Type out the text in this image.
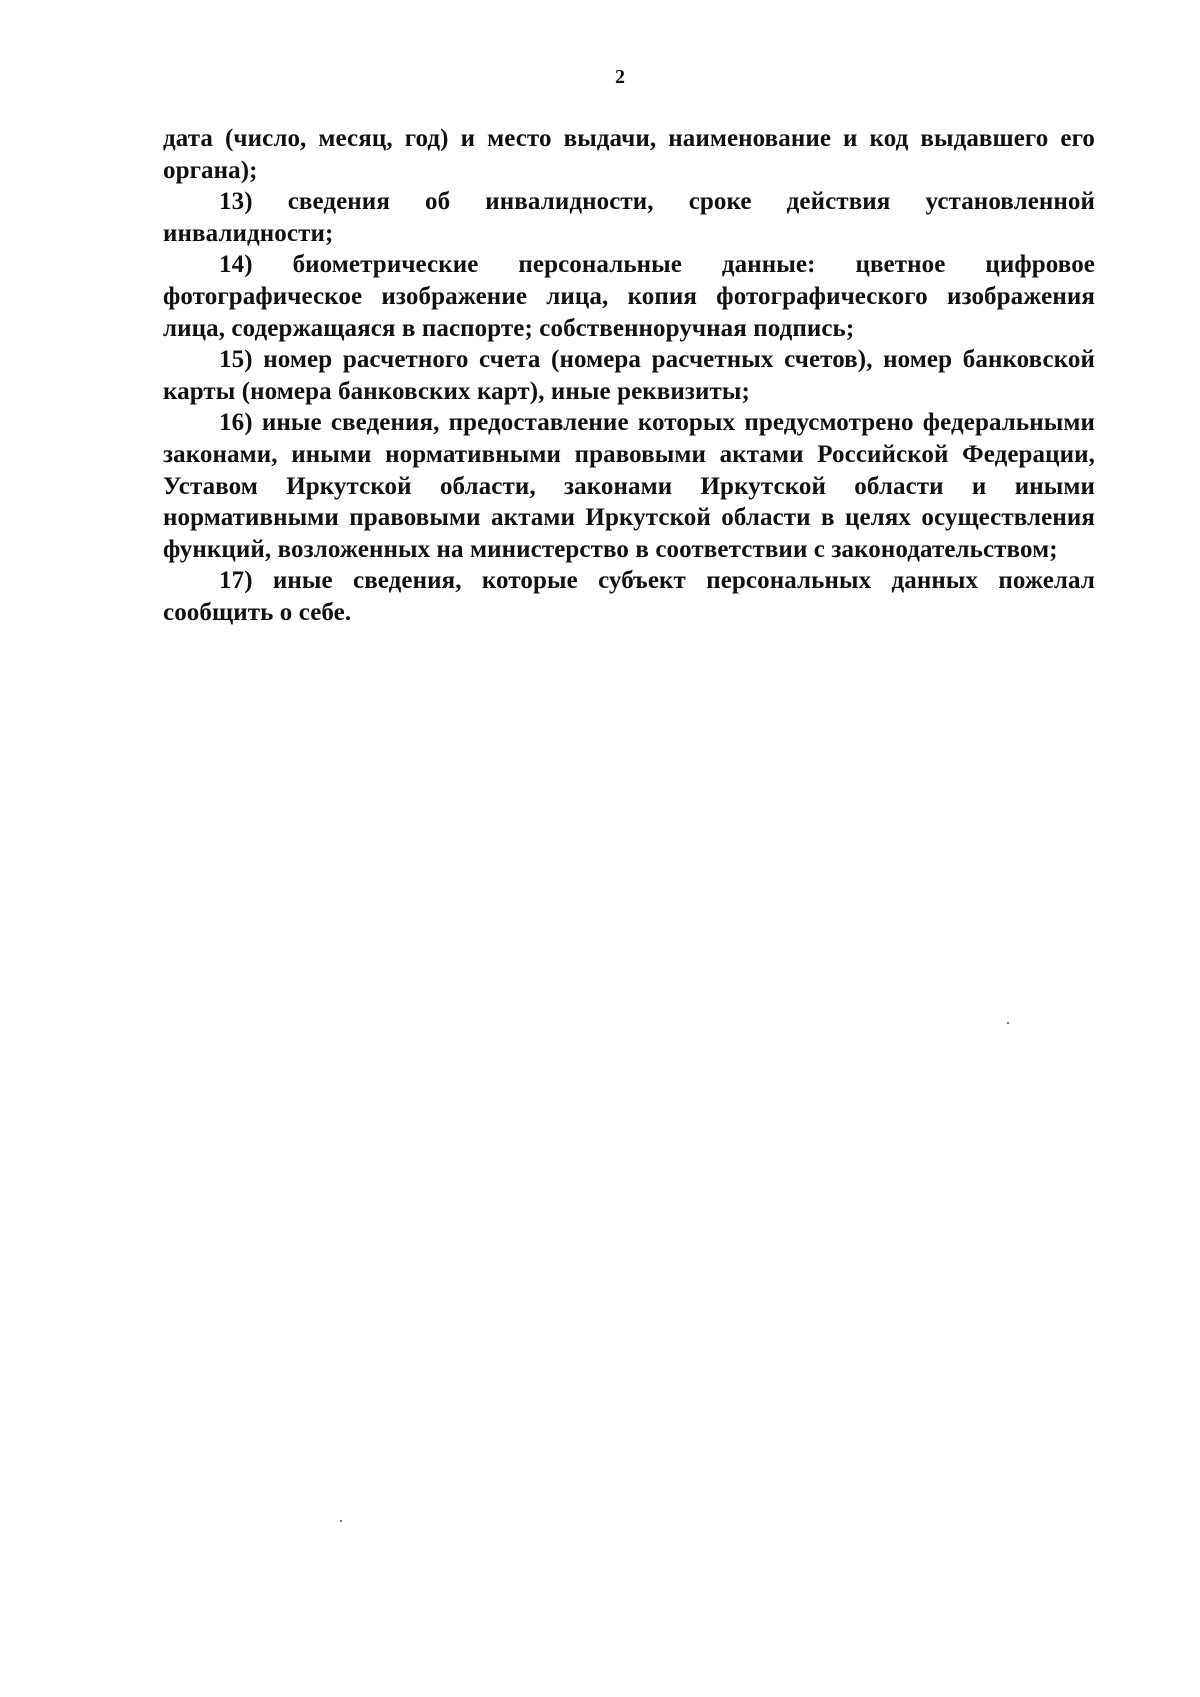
2

дата (число, месяц, год) и место выдачи, наименование и код выдавшего его органа);

13) сведения об инвалидности, сроке действия установленной инвалидности;

14) биометрические персональные данные: цветное цифровое фотографическое изображение лица, копия фотографического изображения лица, содержащаяся в паспорте; собственноручная подпись;

15) номер расчетного счета (номера расчетных счетов), номер банковской карты (номера банковских карт), иные реквизиты;

16) иные сведения, предоставление которых предусмотрено федеральными законами, иными нормативными правовыми актами Российской Федерации, Уставом Иркутской области, законами Иркутской области и иными нормативными правовыми актами Иркутской области в целях осуществления функций, возложенных на министерство в соответствии с законодательством;

17) иные сведения, которые субъект персональных данных пожелал сообщить о себе.
